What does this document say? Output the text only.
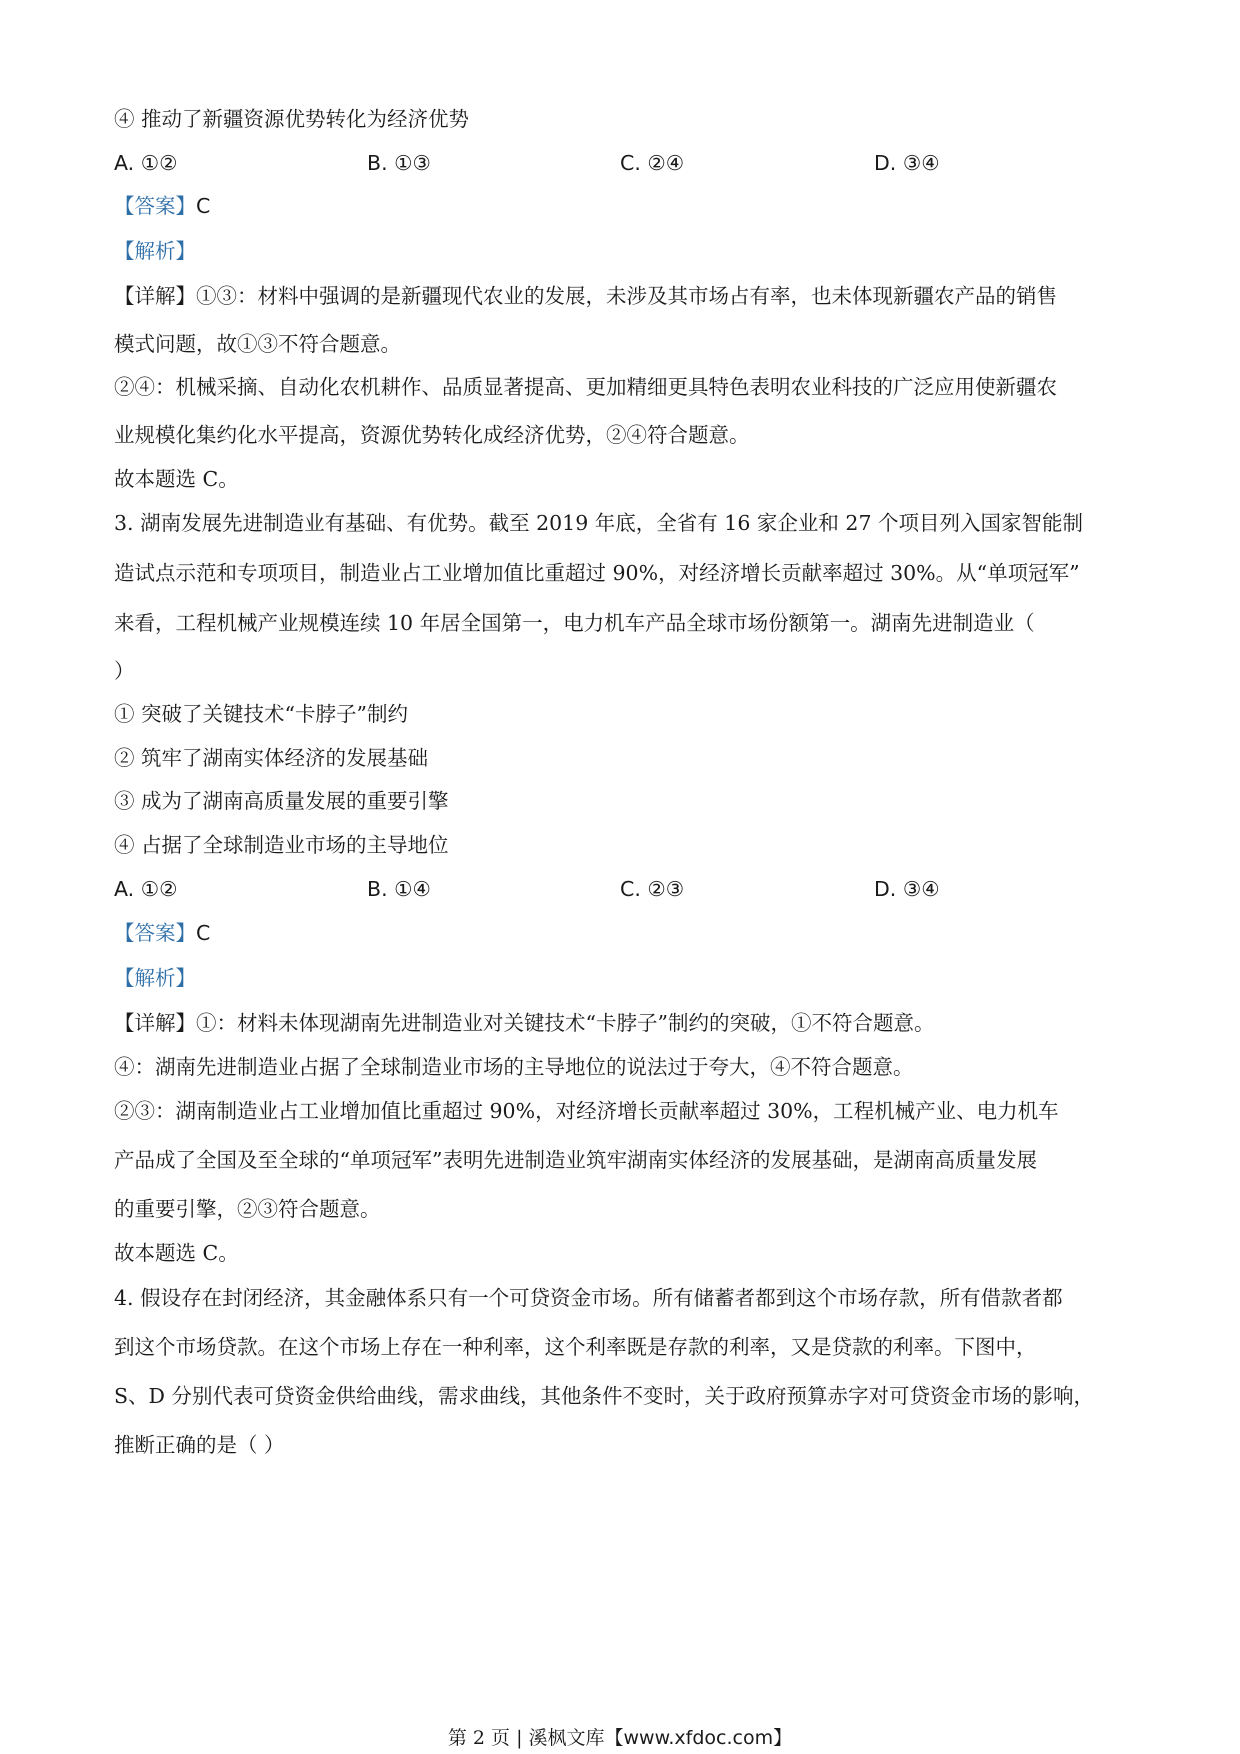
④ 推动了新疆资源优势转化为经济优势
A. ①②	B. ①③	C. ②④	D. ③④
【答案】C
【解析】
【详解】①③：材料中强调的是新疆现代农业的发展，未涉及其市场占有率，也未体现新疆农产品的销售
模式问题，故①③不符合题意。
②④：机械采摘、自动化农机耕作、品质显著提高、更加精细更具特色表明农业科技的广泛应用使新疆农
业规模化集约化水平提高，资源优势转化成经济优势，②④符合题意。
故本题选 C。
3. 湖南发展先进制造业有基础、有优势。截至 2019 年底，全省有 16 家企业和 27 个项目列入国家智能制
造试点示范和专项项目，制造业占工业增加值比重超过 90%，对经济增长贡献率超过 30%。从“单项冠军”
来看，工程机械产业规模连续 10 年居全国第一，电力机车产品全球市场份额第一。湖南先进制造业（
）
① 突破了关键技术“卡脖子”制约
② 筑牢了湖南实体经济的发展基础
③ 成为了湖南高质量发展的重要引擎
④ 占据了全球制造业市场的主导地位
A. ①②	B. ①④	C. ②③	D. ③④
【答案】C
【解析】
【详解】①：材料未体现湖南先进制造业对关键技术“卡脖子”制约的突破，①不符合题意。
④：湖南先进制造业占据了全球制造业市场的主导地位的说法过于夸大，④不符合题意。
②③：湖南制造业占工业增加值比重超过 90%，对经济增长贡献率超过 30%，工程机械产业、电力机车
产品成了全国及至全球的“单项冠军”表明先进制造业筑牢湖南实体经济的发展基础，是湖南高质量发展
的重要引擎，②③符合题意。
故本题选 C。
4. 假设存在封闭经济，其金融体系只有一个可贷资金市场。所有储蓄者都到这个市场存款，所有借款者都
到这个市场贷款。在这个市场上存在一种利率，这个利率既是存款的利率，又是贷款的利率。下图中，
S、D 分别代表可贷资金供给曲线，需求曲线，其他条件不变时，关于政府预算赤字对可贷资金市场的影响，
推断正确的是（ ）
第 2 页 | 溪枫文库【www.xfdoc.com】
